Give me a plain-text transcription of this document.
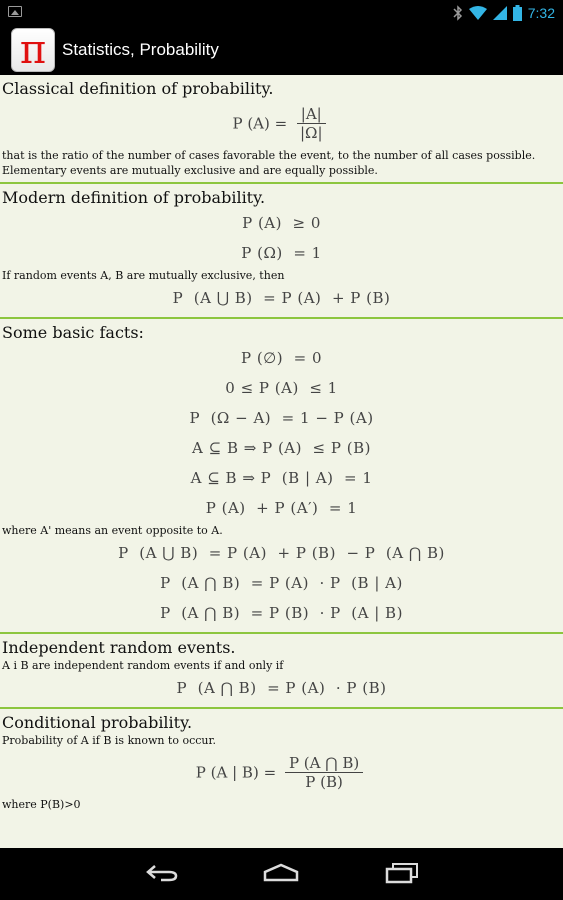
7:32
π Statistics, Probability
Classical definition of probability.
P $(A) = \frac{|A|}{|\Omega|}$
that is the ratio of the number of cases favorable the event, to the number of all cases possible.
Elementary events are mutually exclusive and are equally possible.
Modern definition of probability.
P (A)  ≥ 0
P (Ω)  = 1
If random events A, B are mutually exclusive, then
P  (A ⋃ B)  = P (A)  + P (B)
Some basic facts:
P (∅)  = 0
0 ≤ P (A)  ≤ 1
P  (Ω − A)  = 1 − P (A)
A ⊆ B ⇒ P (A)  ≤ P (B)
A ⊆ B ⇒ P  (B | A)  = 1
P (A)  + P (A′)  = 1
where A' means an event opposite to A.
P  (A ⋃ B)  = P (A)  + P (B)  − P  (A ⋂ B)
P  (A ⋂ B)  = P (A)  · P  (B | A)
P  (A ⋂ B)  = P (B)  · P  (A | B)
Independent random events.
A i B are independent random events if and only if
P  (A ⋂ B)  = P (A)  · P (B)
Conditional probability.
Probability of A if B is known to occur.
P (A | $B) = \frac{P (A ⋂ B)}{P (B)}$
where P(B)>0
